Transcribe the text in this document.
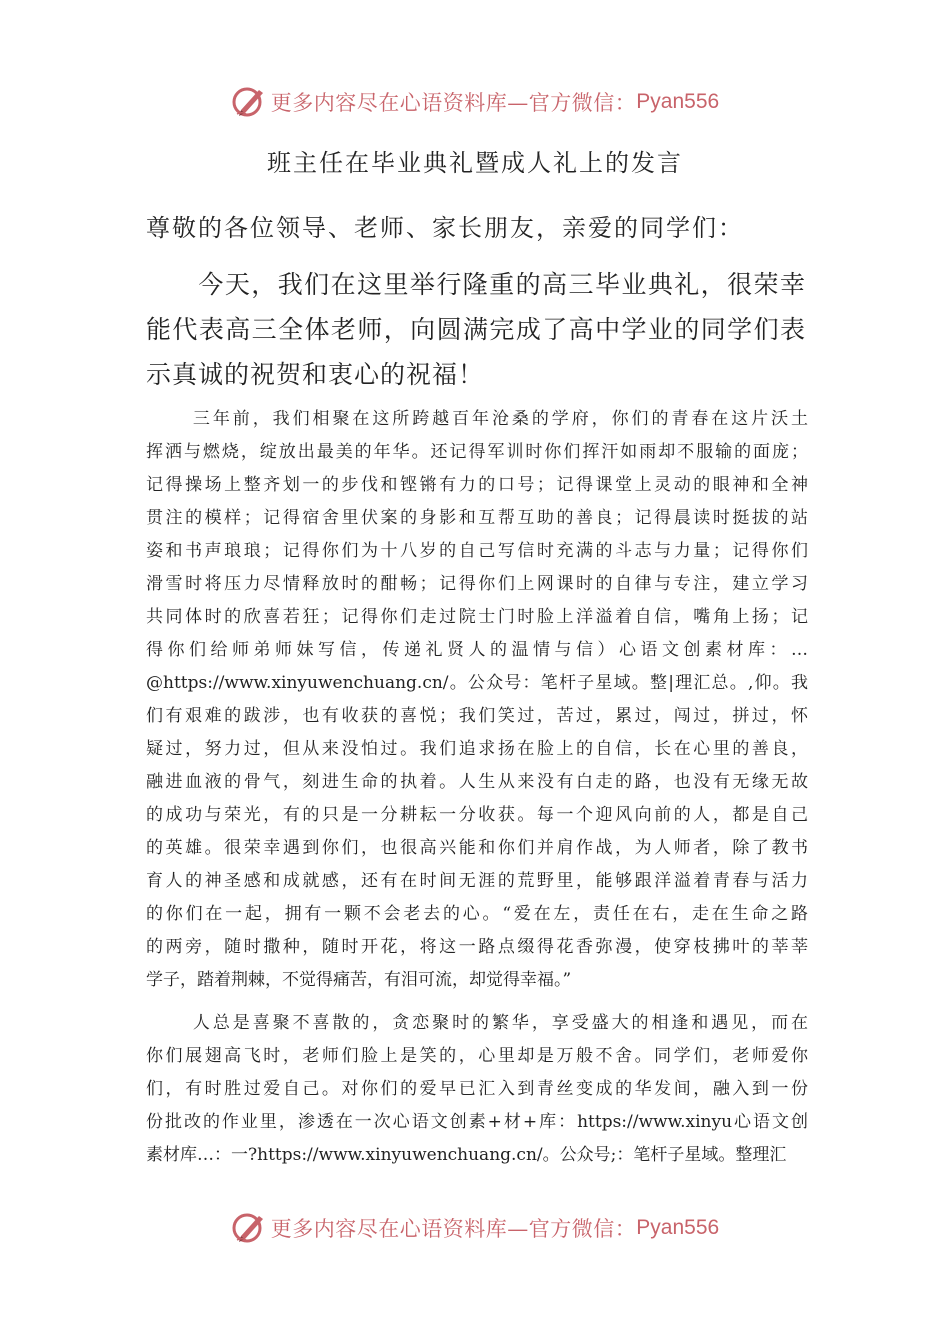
更多内容尽在心语资料库—官方微信： Pyan556
班主任在毕业典礼暨成人礼上的发言
尊敬的各位领导、老师、家长朋友，亲爱的同学们：
今天，我们在这里举行隆重的高三毕业典礼，很荣幸
能代表高三全体老师，向圆满完成了高中学业的同学们表
示真诚的祝贺和衷心的祝福！
三年前，我们相聚在这所跨越百年沧桑的学府，你们的青春在这片沃土
挥洒与燃烧，绽放出最美的年华。还记得军训时你们挥汗如雨却不服输的面庞；
记得操场上整齐划一的步伐和铿锵有力的口号；记得课堂上灵动的眼神和全神
贯注的模样；记得宿舍里伏案的身影和互帮互助的善良；记得晨读时挺拔的站
姿和书声琅琅；记得你们为十八岁的自己写信时充满的斗志与力量；记得你们
滑雪时将压力尽情释放时的酣畅；记得你们上网课时的自律与专注，建立学习
共同体时的欣喜若狂；记得你们走过院士门时脸上洋溢着自信，嘴角上扬；记
得你们给师弟师妹写信，传递礼贤人的温情与信）心语文创素材库：…
@https://www.xinyuwenchuang.cn/。公众号：笔杆子星域。整|理汇总。,仰。我
们有艰难的跋涉，也有收获的喜悦；我们笑过，苦过，累过，闯过，拼过，怀
疑过，努力过，但从来没怕过。我们追求扬在脸上的自信，长在心里的善良，
融进血液的骨气，刻进生命的执着。人生从来没有白走的路，也没有无缘无故
的成功与荣光，有的只是一分耕耘一分收获。每一个迎风向前的人，都是自己
的英雄。很荣幸遇到你们，也很高兴能和你们并肩作战，为人师者，除了教书
育人的神圣感和成就感，还有在时间无涯的荒野里，能够跟洋溢着青春与活力
的你们在一起，拥有一颗不会老去的心。“爱在左，责任在右，走在生命之路
的两旁，随时撒种，随时开花，将这一路点缀得花香弥漫，使穿枝拂叶的莘莘
学子，踏着荆棘，不觉得痛苦，有泪可流，却觉得幸福。”
人总是喜聚不喜散的，贪恋聚时的繁华，享受盛大的相逢和遇见，而在
你们展翅高飞时，老师们脸上是笑的，心里却是万般不舍。同学们，老师爱你
们，有时胜过爱自己。对你们的爱早已汇入到青丝变成的华发间，融入到一份
份批改的作业里，渗透在一次心语文创素+材+库：https://www.xinyu心语文创
素材库…：一?https://www.xinyuwenchuang.cn/。公众号;：笔杆子星域。整理汇
更多内容尽在心语资料库—官方微信： Pyan556
